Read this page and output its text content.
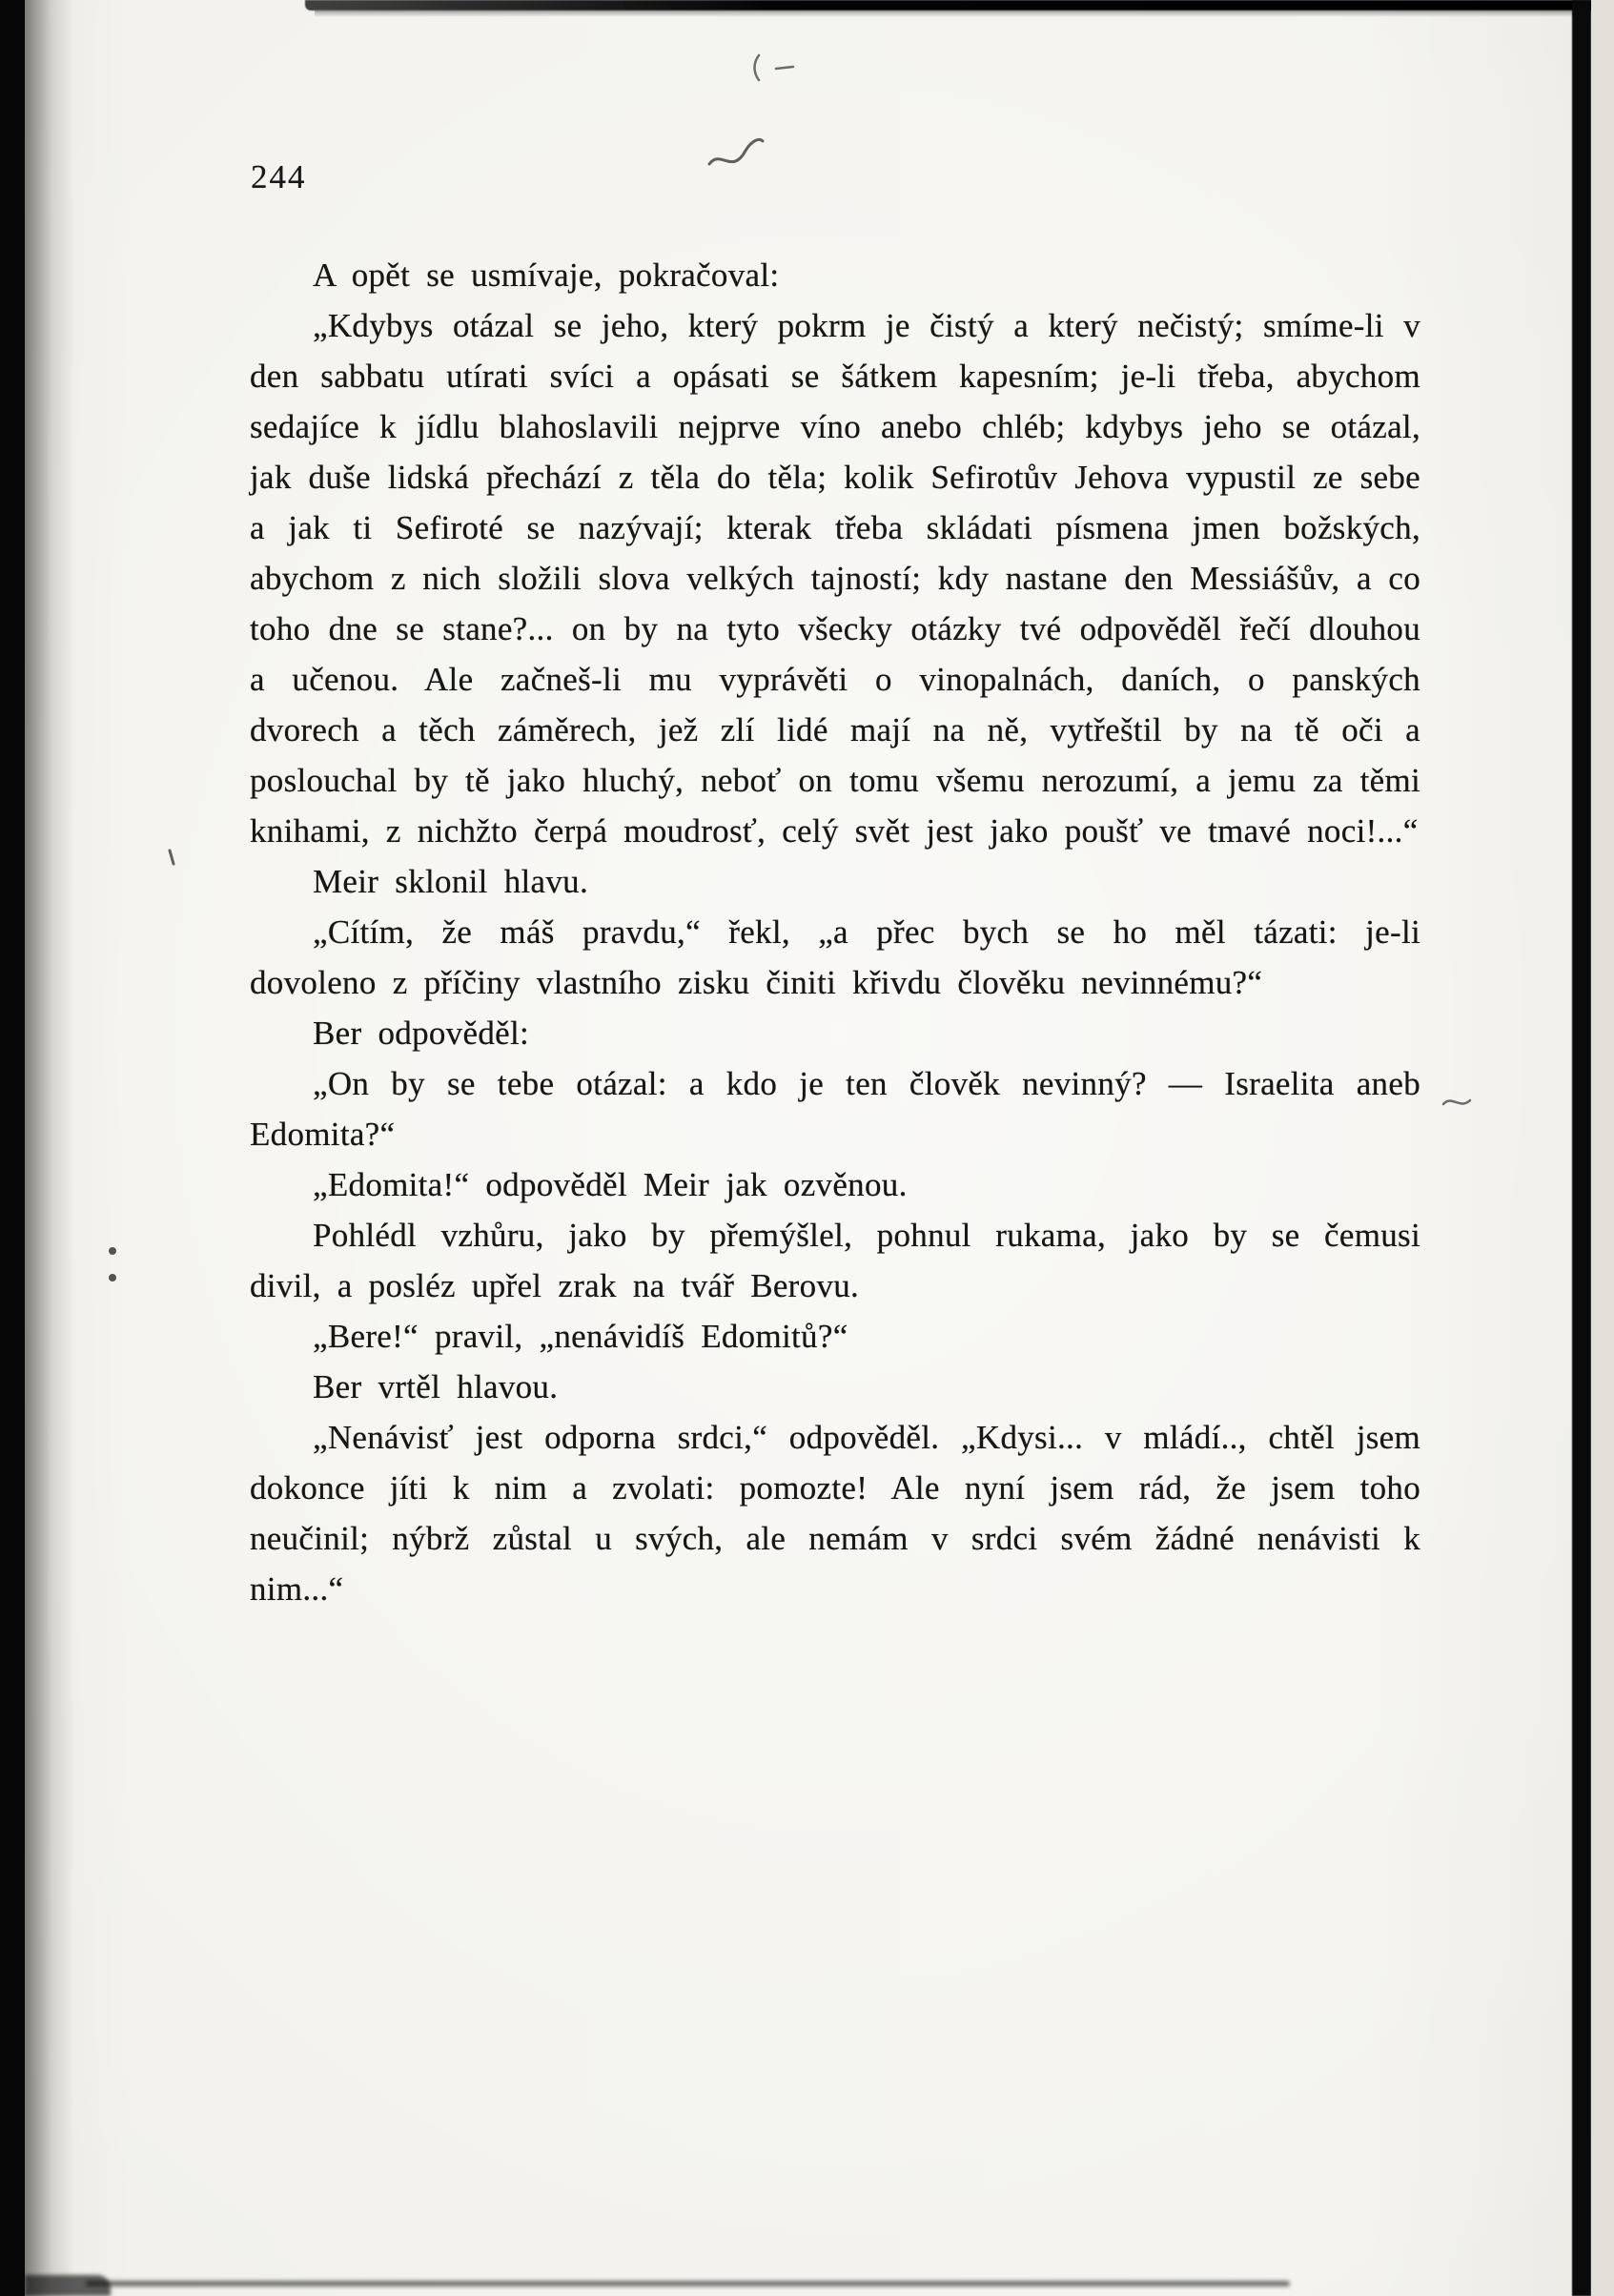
244

A opět se usmívaje, pokračoval:

„Kdybys otázal se jeho, který pokrm je čistý a který nečistý; smíme-li v den sabbatu utírati svíci a opásati se šátkem kapesním; je-li třeba, abychom sedajíce k jídlu blahoslavili nejprve víno anebo chléb; kdybys jeho se otázal, jak duše lidská přechází z těla do těla; kolik Sefirotův Jehova vypustil ze sebe a jak ti Sefiroté se nazývají; kterak třeba skládati písmena jmen božských, abychom z nich složili slova velkých tajností; kdy nastane den Messiášův, a co toho dne se stane?... on by na tyto všecky otázky tvé odpověděl řečí dlouhou a učenou. Ale začneš-li mu vyprávěti o vinopalnách, daních, o panských dvorech a těch záměrech, jež zlí lidé mají na ně, vytřeštil by na tě oči a poslouchal by tě jako hluchý, neboť on tomu všemu nerozumí, a jemu za těmi knihami, z nichžto čerpá moudrosť, celý svět jest jako poušť ve tmavé noci!...“

Meir sklonil hlavu.

„Cítím, že máš pravdu,“ řekl, „a přec bych se ho měl tázati: je-li dovoleno z příčiny vlastního zisku činiti křivdu člověku nevinnému?“

Ber odpověděl:

„On by se tebe otázal: a kdo je ten člověk nevinný? — Israelita aneb Edomita?“

„Edomita!“ odpověděl Meir jak ozvěnou.

Pohlédl vzhůru, jako by přemýšlel, pohnul rukama, jako by se čemusi divil, a posléz upřel zrak na tvář Berovu.

„Bere!“ pravil, „nenávidíš Edomitů?“

Ber vrtěl hlavou.

„Nenávisť jest odporna srdci,“ odpověděl. „Kdysi... v mládí.., chtěl jsem dokonce jíti k nim a zvolati: pomozte! Ale nyní jsem rád, že jsem toho neučinil; nýbrž zůstal u svých, ale nemám v srdci svém žádné nenávisti k nim...“
